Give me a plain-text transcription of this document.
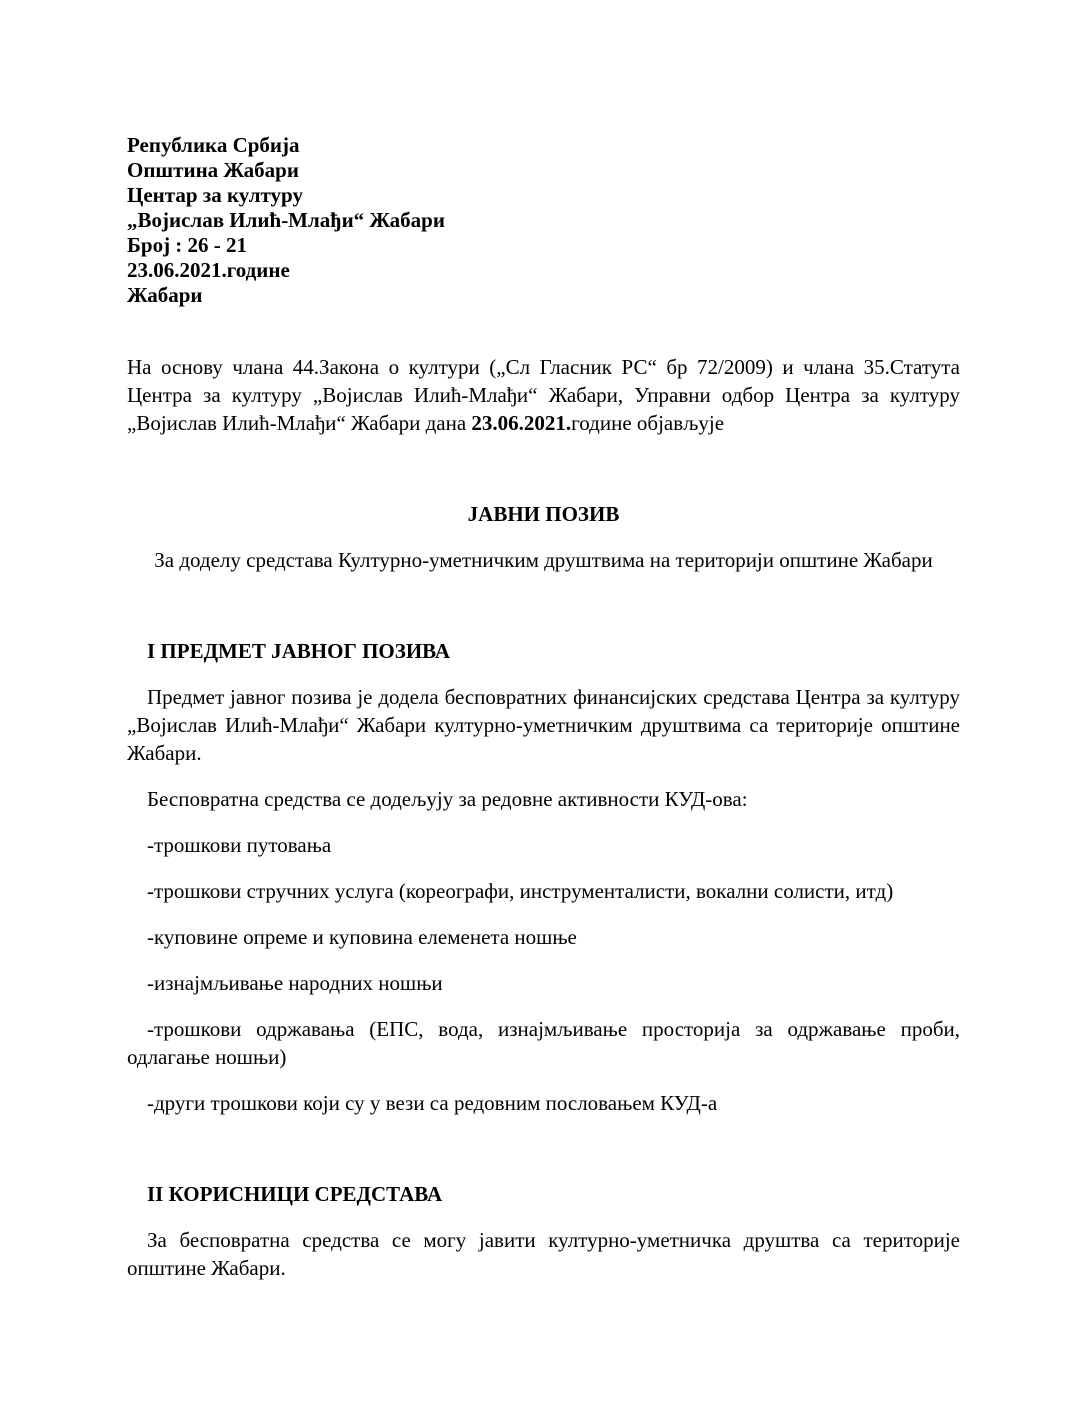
Република Србија
Општина Жабари
Центар за културу
„Војислав Илић-Млађи“ Жабари
Број : 26 - 21
23.06.2021.године
Жабари

На основу члана 44.Закона о култури („Сл Гласник РС“ бр 72/2009) и члана 35.Статута Центра за културу „Војислав Илић-Млађи“ Жабари, Управни одбор Центра за културу „Војислав Илић-Млађи“ Жабари дана 23.06.2021.године објављује

ЈАВНИ ПОЗИВ

За доделу средстава Културно-уметничким друштвима на територији општине Жабари

I ПРЕДМЕТ ЈАВНОГ ПОЗИВА

Предмет јавног позива је додела бесповратних финансијских средстава Центра за културу „Војислав Илић-Млађи“ Жабари културно-уметничким друштвима са територије општине Жабари.

Бесповратна средства се додељују за редовне активности КУД-ова:

-трошкови путовања

-трошкови стручних услуга (кореографи, инструменталисти, вокални солисти, итд)

-куповине опреме и куповина елеменета ношње

-изнајмљивање народних ношњи

-трошкови одржавања (ЕПС, вода, изнајмљивање просторија за одржавање проби, одлагање ношњи)

-други трошкови који су у вези са редовним пословањем КУД-а

II КОРИСНИЦИ СРЕДСТАВА

За бесповратна средства се могу јавити културно-уметничка друштва са територије општине Жабари.
